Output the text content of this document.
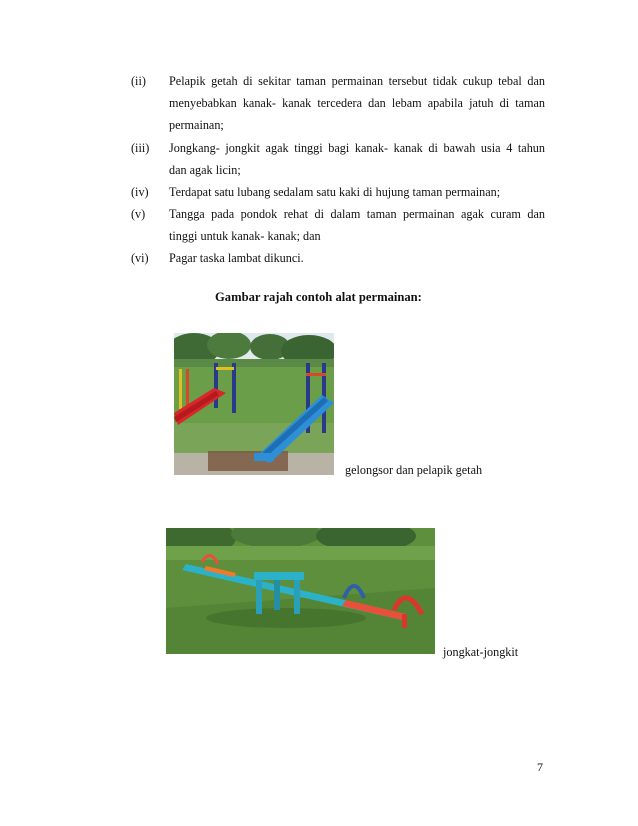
(ii)	Pelapik getah di sekitar taman permainan tersebut tidak cukup tebal dan
menyebabkan kanak- kanak tercedera dan lebam apabila jatuh di taman
permainan;
(iii)	Jongkang- jongkit agak tinggi bagi kanak- kanak di bawah usia 4 tahun
dan agak licin;
(iv)	Terdapat satu lubang sedalam satu kaki di hujung taman permainan;
(v)	Tangga pada pondok rehat di dalam taman permainan agak curam dan
tinggi untuk kanak- kanak; dan
(vi)	Pagar taska lambat dikunci.
Gambar rajah contoh alat permainan:
gelongsor dan pelapik getah
jongkat-jongkit
7
